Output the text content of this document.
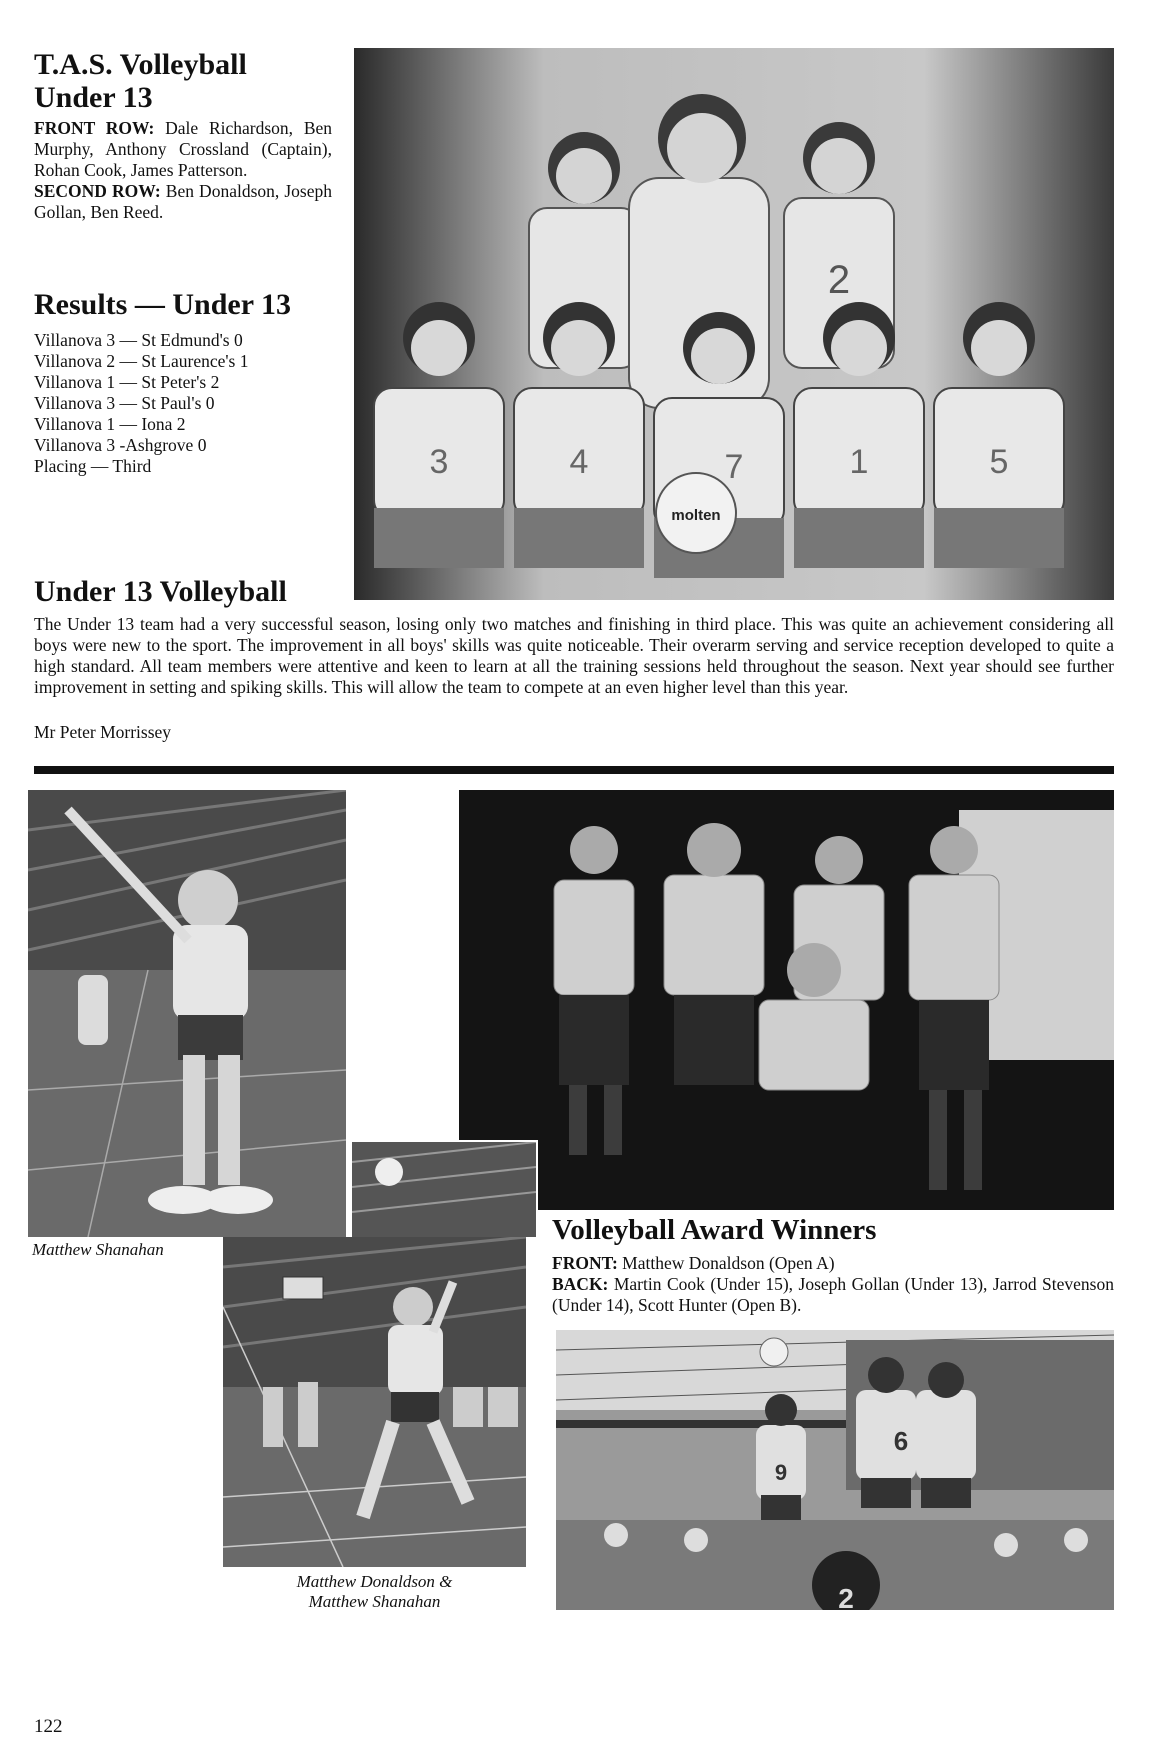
T.A.S. Volleyball
Under 13
FRONT ROW: Dale Richardson, Ben Murphy, Anthony Crossland (Captain), Rohan Cook, James Patterson.
SECOND ROW: Ben Donaldson, Joseph Gollan, Ben Reed.
Results — Under 13
Villanova 3 — St Edmund's 0
Villanova 2 — St Laurence's 1
Villanova 1 — St Peter's 2
Villanova 3 — St Paul's 0
Villanova 1 — Iona 2
Villanova 3 -Ashgrove 0
Placing — Third
2
3	4	7	1	5
molten
Under 13 Volleyball
The Under 13 team had a very successful season, losing only two matches and finishing in third place. This was quite an achievement considering all boys were new to the sport. The improvement in all boys' skills was quite noticeable. Their overarm serving and service reception developed to quite a high standard. All team members were attentive and keen to learn at all the training sessions held throughout the season. Next year should see further improvement in setting and spiking skills. This will allow the team to compete at an even higher level than this year.
Mr Peter Morrissey
Matthew Shanahan
Volleyball Award Winners
FRONT: Matthew Donaldson (Open A)
BACK: Martin Cook (Under 15), Joseph Gollan (Under 13), Jarrod Stevenson (Under 14), Scott Hunter (Open B).
Matthew Donaldson &
Matthew Shanahan
9
6
2
122
